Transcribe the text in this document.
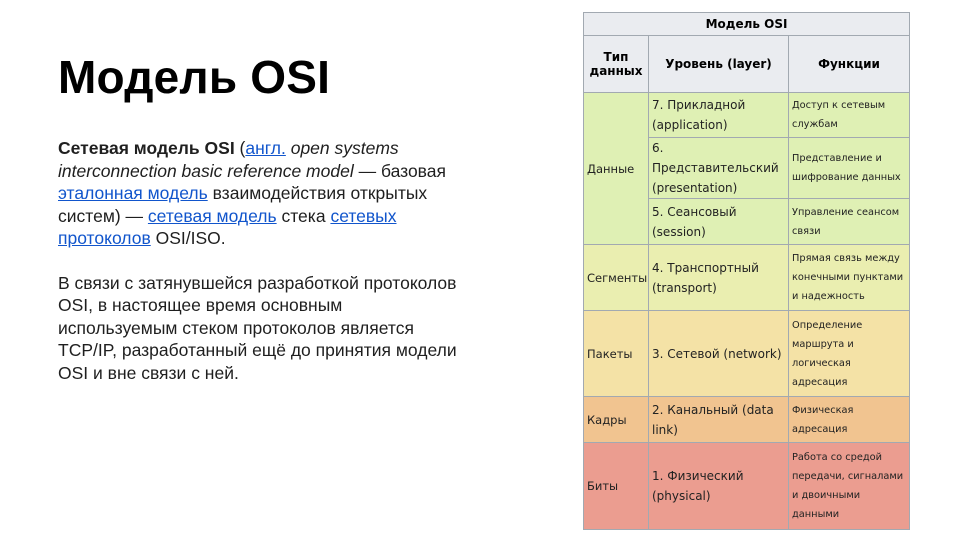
Модель OSI

Сетевая модель OSI (англ. open systems interconnection basic reference model — базовая эталонная модель взаимодействия открытых систем) — сетевая модель стека сетевых протоколов OSI/ISO.

В связи с затянувшейся разработкой протоколов OSI, в настоящее время основным используемым стеком протоколов является TCP/IP, разработанный ещё до принятия модели OSI и вне связи с ней.

Модель OSI		
Тип данных	Уровень (layer)	Функции
Данные	7. Прикладной (application)	Доступ к сетевым службам
	6. Представительский (presentation)	Представление и шифрование данных
	5. Сеансовый (session)	Управление сеансом связи
Сегменты	4. Транспортный (transport)	Прямая связь между конечными пунктами и надежность
Пакеты	3. Сетевой (network)	Определение маршрута и логическая адресация
Кадры	2. Канальный (data link)	Физическая адресация
Биты	1. Физический (physical)	Работа со средой передачи, сигналами и двоичными данными
